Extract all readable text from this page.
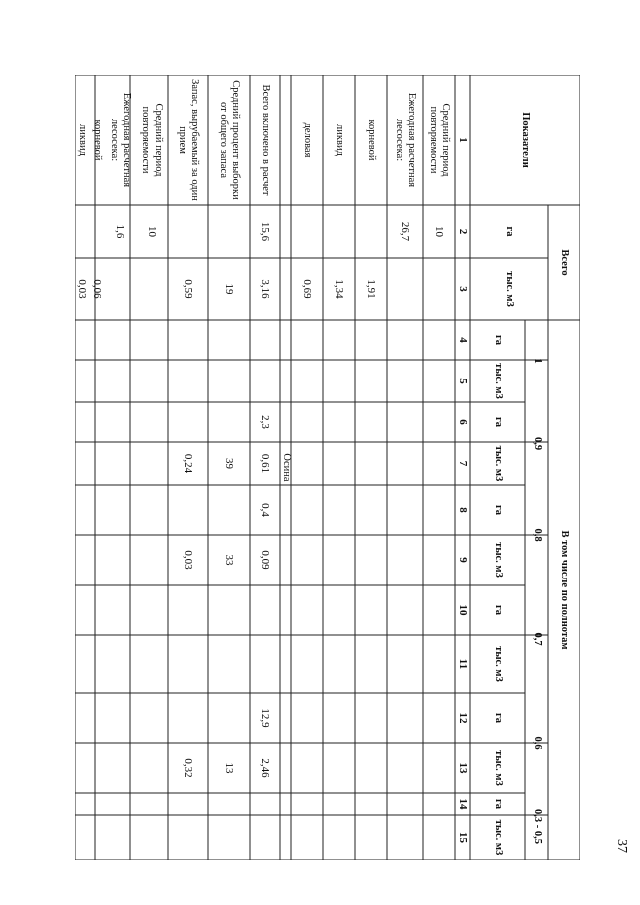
37
Показатели
Всего
В том числе по полнотам
га
тыс. м3
1
0,9
0,8
0,7
0,6
0,3 - 0,5
га
тыс. м3
га
тыс. м3
га
тыс. м3
га
тыс. м3
га
тыс. м3
га
тыс. м3
1
2
3
4
5
6
7
8
9
10
11
12
13
14
15
Средний период повторяемости
10
Ежегодная расчетная лесосека:
26,7
корневой
1,91
ликвид
1,34
деловая
0,69
Всего включено в расчет
15,6
3,16
2,3
0,61
0,4
0,09
12,9
2,46
Средний процент выборки от общего запаса
19
39
33
13
Запас, вырубаемый за один прием
0,59
0,24
0,03
0,32
Средний период повторяемости
10
Ежегодная расчетная лесосека:
1,6
корневой
0,06
ликвид
0,03
Осина
